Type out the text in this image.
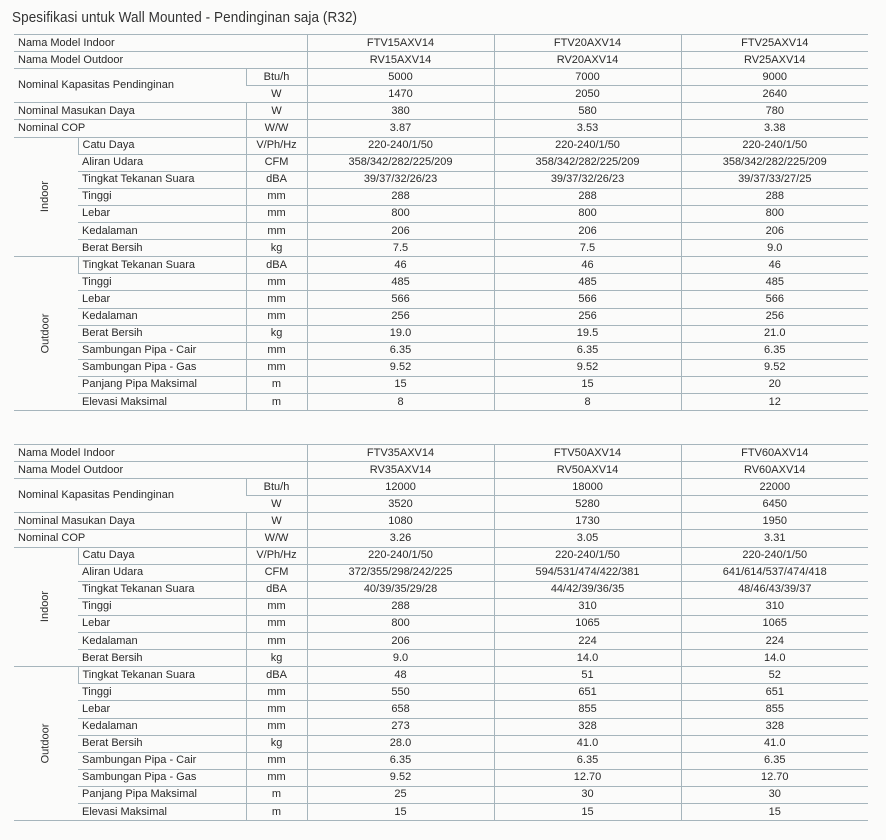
Spesifikasi untuk Wall Mounted - Pendinginan saja (R32)
Nama Model Indoor			FTV15AXV14	FTV20AXV14	FTV25AXV14
Nama Model Outdoor			RV15AXV14	RV20AXV14	RV25AXV14
Nominal Kapasitas Pendinginan		Btu/h	5000	7000	9000
		W	1470	2050	2640
Nominal Masukan Daya		W	380	580	780
Nominal COP		W/W	3.87	3.53	3.38
Indoor	Catu Daya	V/Ph/Hz	220-240/1/50	220-240/1/50	220-240/1/50
	Aliran Udara	CFM	358/342/282/225/209	358/342/282/225/209	358/342/282/225/209
	Tingkat Tekanan Suara	dBA	39/37/32/26/23	39/37/32/26/23	39/37/33/27/25
	Tinggi	mm	288	288	288
	Lebar	mm	800	800	800
	Kedalaman	mm	206	206	206
	Berat Bersih	kg	7.5	7.5	9.0
Outdoor	Tingkat Tekanan Suara	dBA	46	46	46
	Tinggi	mm	485	485	485
	Lebar	mm	566	566	566
	Kedalaman	mm	256	256	256
	Berat Bersih	kg	19.0	19.5	21.0
	Sambungan Pipa - Cair	mm	6.35	6.35	6.35
	Sambungan Pipa - Gas	mm	9.52	9.52	9.52
	Panjang Pipa Maksimal	m	15	15	20
	Elevasi Maksimal	m	8	8	12
Nama Model Indoor			FTV35AXV14	FTV50AXV14	FTV60AXV14
Nama Model Outdoor			RV35AXV14	RV50AXV14	RV60AXV14
Nominal Kapasitas Pendinginan		Btu/h	12000	18000	22000
		W	3520	5280	6450
Nominal Masukan Daya		W	1080	1730	1950
Nominal COP		W/W	3.26	3.05	3.31
Indoor	Catu Daya	V/Ph/Hz	220-240/1/50	220-240/1/50	220-240/1/50
	Aliran Udara	CFM	372/355/298/242/225	594/531/474/422/381	641/614/537/474/418
	Tingkat Tekanan Suara	dBA	40/39/35/29/28	44/42/39/36/35	48/46/43/39/37
	Tinggi	mm	288	310	310
	Lebar	mm	800	1065	1065
	Kedalaman	mm	206	224	224
	Berat Bersih	kg	9.0	14.0	14.0
Outdoor	Tingkat Tekanan Suara	dBA	48	51	52
	Tinggi	mm	550	651	651
	Lebar	mm	658	855	855
	Kedalaman	mm	273	328	328
	Berat Bersih	kg	28.0	41.0	41.0
	Sambungan Pipa - Cair	mm	6.35	6.35	6.35
	Sambungan Pipa - Gas	mm	9.52	12.70	12.70
	Panjang Pipa Maksimal	m	25	30	30
	Elevasi Maksimal	m	15	15	15
